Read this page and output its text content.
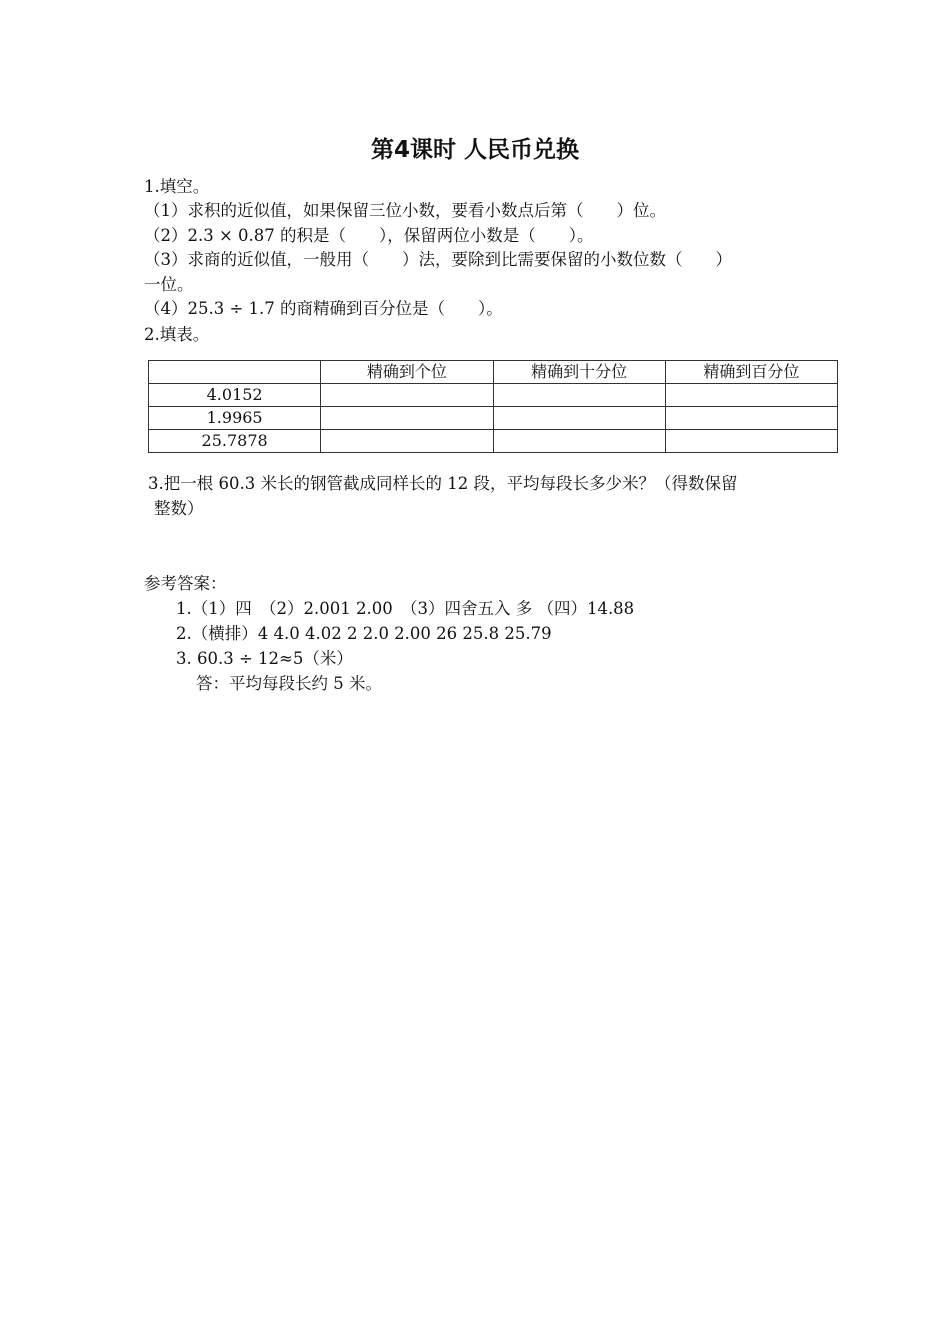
第4课时 人民币兑换
1.填空。
（1）求积的近似值，如果保留三位小数，要看小数点后第（　　）位。
（2）2.3 × 0.87 的积是（　　），保留两位小数是（　　）。
（3）求商的近似值，一般用（　　）法，要除到比需要保留的小数位数（　　）
一位。
（4）25.3 ÷ 1.7 的商精确到百分位是（　　）。
2.填表。
	精确到个位	精确到十分位	精确到百分位
4.0152			
1.9965			
25.7878			
3.把一根 60.3 米长的钢管截成同样长的 12 段，平均每段长多少米？（得数保留
整数）
参考答案：
1.（1）四　（2）2.001 2.00　（3）四舍五入 多 （四）14.88
2.（横排）4 4.0 4.02 2 2.0 2.00 26 25.8 25.79
3. 60.3 ÷ 12≈5（米）
答：平均每段长约 5 米。
